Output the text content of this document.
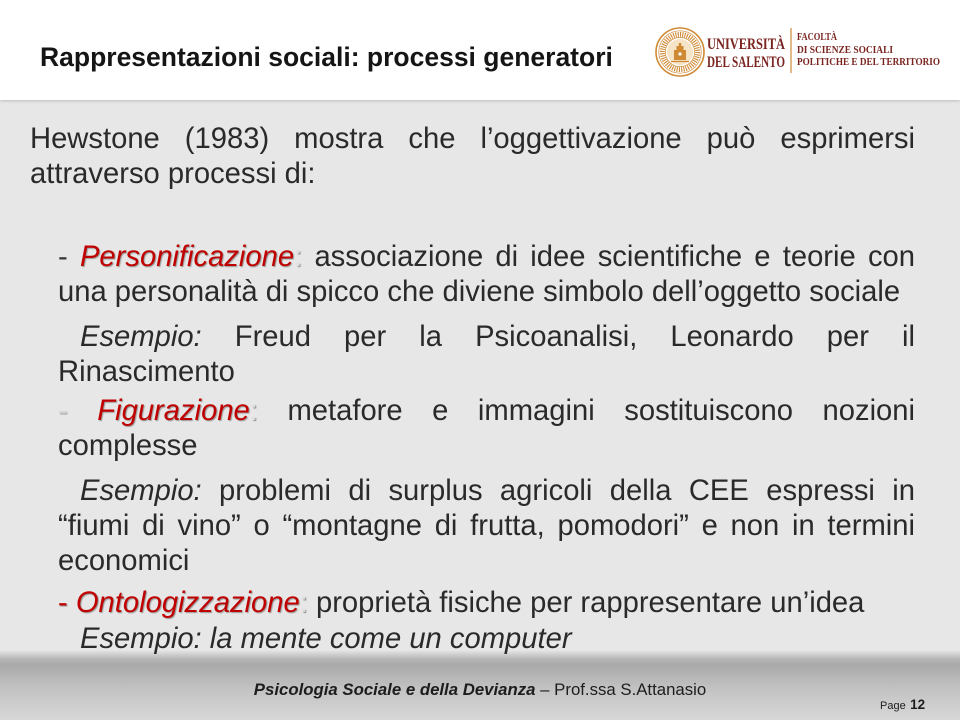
Rappresentazioni sociali: processi generatori	UNIVERSITÀ
DEL SALENTO
FACOLTÀ
DI SCIENZE SOCIALI
POLITICHE E DEL TERRITORIO
Psicologia Sociale e della Devianza – Prof.ssa S.Attanasio
Page 12
Hewstone (1983) mostra che l’oggettivazione può esprimersi
attraverso processi di:
- Personificazione: associazione di idee scientifiche e teorie con
una personalità di spicco che diviene simbolo dell’oggetto sociale
Esempio: Freud per la Psicoanalisi, Leonardo per il
Rinascimento
- Figurazione: metafore e immagini sostituiscono nozioni
complesse
Esempio: problemi di surplus agricoli della CEE espressi in
“fiumi di vino” o “montagne di frutta, pomodori” e non in termini
economici
- Ontologizzazione: proprietà fisiche per rappresentare un’idea
Esempio: la mente come un computer
